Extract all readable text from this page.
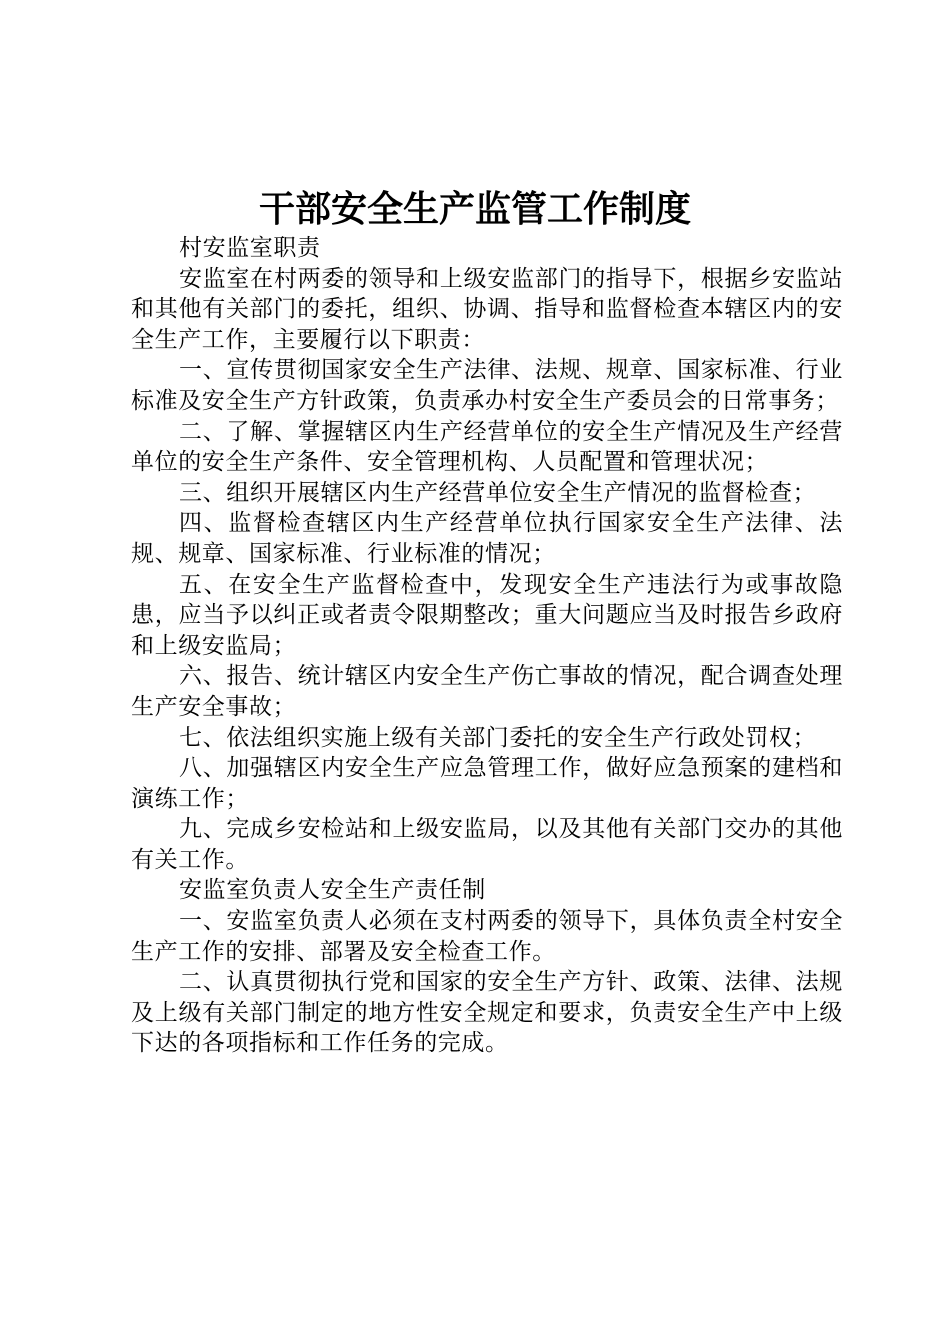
干部安全生产监管工作制度

村安监室职责

安监室在村两委的领导和上级安监部门的指导下，根据乡安监站和其他有关部门的委托，组织、协调、指导和监督检查本辖区内的安全生产工作，主要履行以下职责：

一、宣传贯彻国家安全生产法律、法规、规章、国家标准、行业标准及安全生产方针政策，负责承办村安全生产委员会的日常事务；

二、了解、掌握辖区内生产经营单位的安全生产情况及生产经营单位的安全生产条件、安全管理机构、人员配置和管理状况；

三、组织开展辖区内生产经营单位安全生产情况的监督检查；

四、监督检查辖区内生产经营单位执行国家安全生产法律、法规、规章、国家标准、行业标准的情况；

五、在安全生产监督检查中，发现安全生产违法行为或事故隐患，应当予以纠正或者责令限期整改；重大问题应当及时报告乡政府和上级安监局；

六、报告、统计辖区内安全生产伤亡事故的情况，配合调查处理生产安全事故；

七、依法组织实施上级有关部门委托的安全生产行政处罚权；

八、加强辖区内安全生产应急管理工作，做好应急预案的建档和演练工作；

九、完成乡安检站和上级安监局，以及其他有关部门交办的其他有关工作。

安监室负责人安全生产责任制

一、安监室负责人必须在支村两委的领导下，具体负责全村安全生产工作的安排、部署及安全检查工作。

二、认真贯彻执行党和国家的安全生产方针、政策、法律、法规及上级有关部门制定的地方性安全规定和要求，负责安全生产中上级下达的各项指标和工作任务的完成。
